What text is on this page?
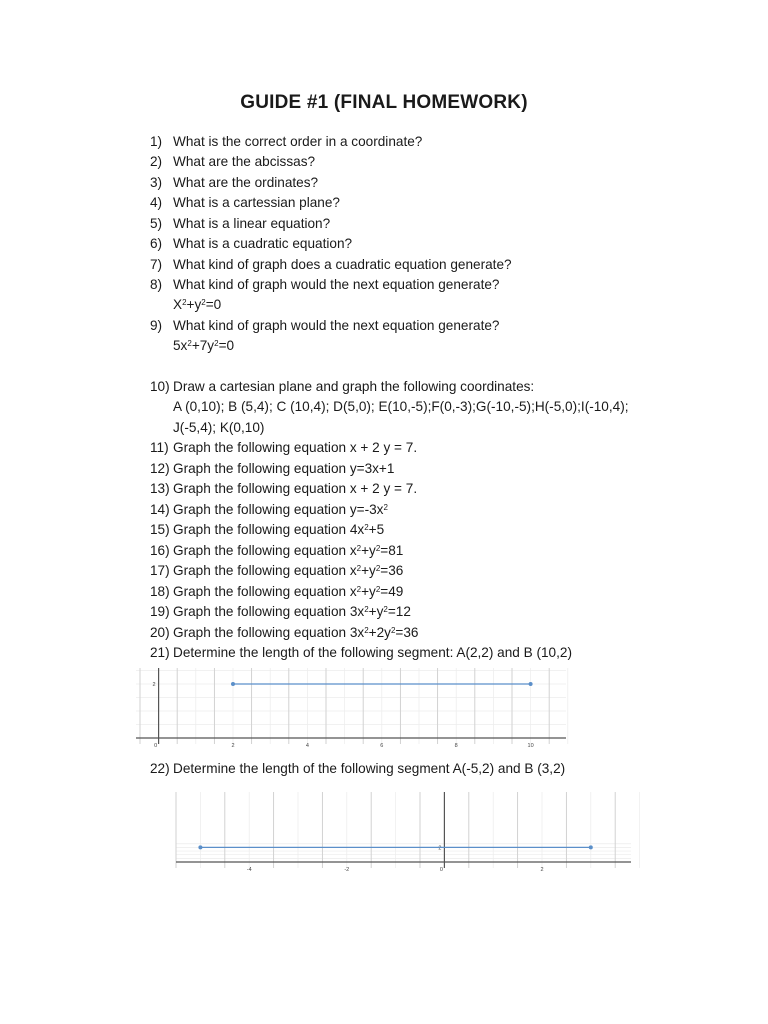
GUIDE #1 (FINAL HOMEWORK)
1) What is the correct order in a coordinate?
2) What are the abcissas?
3) What are the ordinates?
4) What is a cartessian plane?
5) What is a linear equation?
6) What is a cuadratic equation?
7) What kind of graph does a cuadratic equation generate?
8) What kind of graph would the next equation generate?
$X^2+y^2=0$
9) What kind of graph would the next equation generate?
$5x^2+7y^2=0$
10) Draw a cartesian plane and graph the following coordinates:
A (0,10); B (5,4); C (10,4); D(5,0); E(10,-5);F(0,-3);G(-10,-5);H(-5,0);I(-10,4);
J(-5,4); K(0,10)
11) Graph the following equation x + 2 y = 7.
12) Graph the following equation y=3x+1
13) Graph the following equation x + 2 y = 7.
14) Graph the following equation $y=-3x^2$
15) Graph the following equation $4x^2+5$
16) Graph the following equation $x^2+y^2=81$
17) Graph the following equation $x^2+y^2=36$
18) Graph the following equation $x^2+y^2=49$
19) Graph the following equation $3x^2+y^2=12$
20) Graph the following equation $3x^2+2y^2=36$
21) Determine the length of the following segment: A(2,2) and B (10,2)
0	2	4	6	8	10
2
22) Determine the length of the following segment A(-5,2) and B (3,2)
-4	-2	0	2
2
